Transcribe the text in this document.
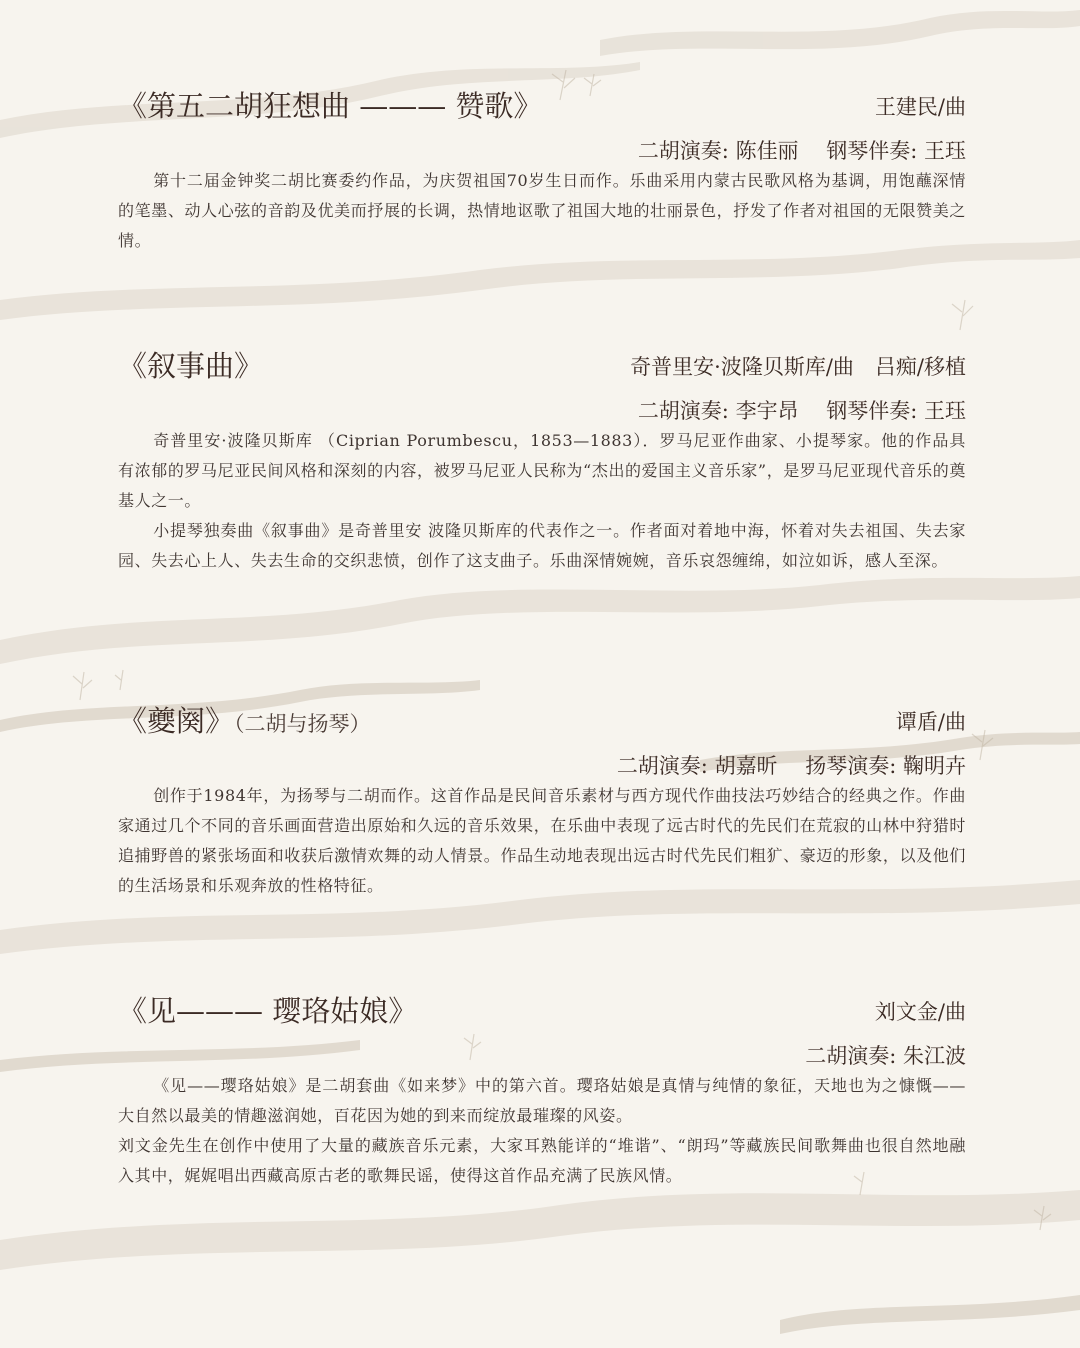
《第五二胡狂想曲 ——— 赞歌》	王建民/曲
二胡演奏: 陈佳丽　 钢琴伴奏: 王珏

第十二届金钟奖二胡比赛委约作品，为庆贺祖国70岁生日而作。乐曲采用内蒙古民歌风格为基调，用饱蘸深情的笔墨、动人心弦的音韵及优美而抒展的长调，热情地讴歌了祖国大地的壮丽景色，抒发了作者对祖国的无限赞美之情。

《叙事曲》	奇普里安·波隆贝斯库/曲　吕痴/移植
二胡演奏: 李宇昂　 钢琴伴奏: 王珏

奇普里安·波隆贝斯库 （Ciprian Porumbescu，1853—1883）．罗马尼亚作曲家、小提琴家。他的作品具有浓郁的罗马尼亚民间风格和深刻的内容，被罗马尼亚人民称为“杰出的爱国主义音乐家”，是罗马尼亚现代音乐的奠基人之一。

小提琴独奏曲《叙事曲》是奇普里安 波隆贝斯库的代表作之一。作者面对着地中海，怀着对失去祖国、失去家园、失去心上人、失去生命的交织悲愤，创作了这支曲子。乐曲深情婉婉，音乐哀怨缠绵，如泣如诉，感人至深。

《夔阕》（二胡与扬琴）	谭盾/曲
二胡演奏: 胡嘉昕　 扬琴演奏: 鞠明卉

创作于1984年，为扬琴与二胡而作。这首作品是民间音乐素材与西方现代作曲技法巧妙结合的经典之作。作曲家通过几个不同的音乐画面营造出原始和久远的音乐效果，在乐曲中表现了远古时代的先民们在荒寂的山林中狩猎时追捕野兽的紧张场面和收获后激情欢舞的动人情景。作品生动地表现出远古时代先民们粗犷、豪迈的形象，以及他们的生活场景和乐观奔放的性格特征。

《见——— 璎珞姑娘》	刘文金/曲
二胡演奏: 朱江波

《见——璎珞姑娘》是二胡套曲《如来梦》中的第六首。璎珞姑娘是真情与纯情的象征，天地也为之慷慨——大自然以最美的情趣滋润她，百花因为她的到来而绽放最璀璨的风姿。

刘文金先生在创作中使用了大量的藏族音乐元素，大家耳熟能详的“堆谐”、“朗玛”等藏族民间歌舞曲也很自然地融入其中，娓娓唱出西藏高原古老的歌舞民谣，使得这首作品充满了民族风情。
